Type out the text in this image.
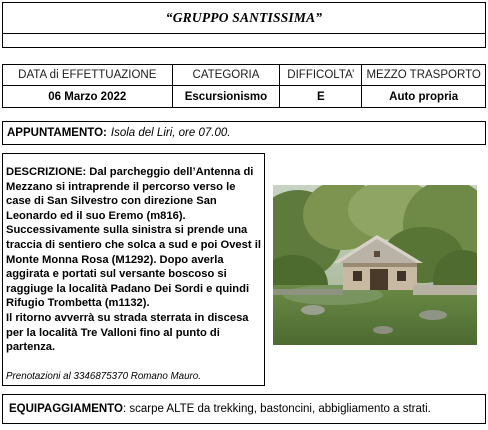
“GRUPPO SANTISSIMA”
DATA di EFFETTUAZIONE	CATEGORIA	DIFFICOLTA’	MEZZO TRASPORTO
06 Marzo 2022	Escursionismo	E	Auto propria
APPUNTAMENTO: Isola del Liri, ore 07.00.
DESCRIZIONE: Dal parcheggio dell’Antenna di Mezzano si intraprende il percorso verso le case di San Silvestro con direzione San Leonardo ed il suo Eremo (m816).
Successivamente sulla sinistra si prende una traccia di sentiero che solca a sud e poi Ovest il Monte Monna Rosa (M1292). Dopo averla aggirata e portati sul versante boscoso si raggiuge la località Padano Dei Sordi e quindi Rifugio Trombetta (m1132).
Il ritorno avverrà su strada sterrata in discesa per la località Tre Valloni fino al punto di partenza.
Prenotazioni al 3346875370 Romano Mauro.
EQUIPAGGIAMENTO : scarpe ALTE da trekking, bastoncini, abbigliamento a strati.
